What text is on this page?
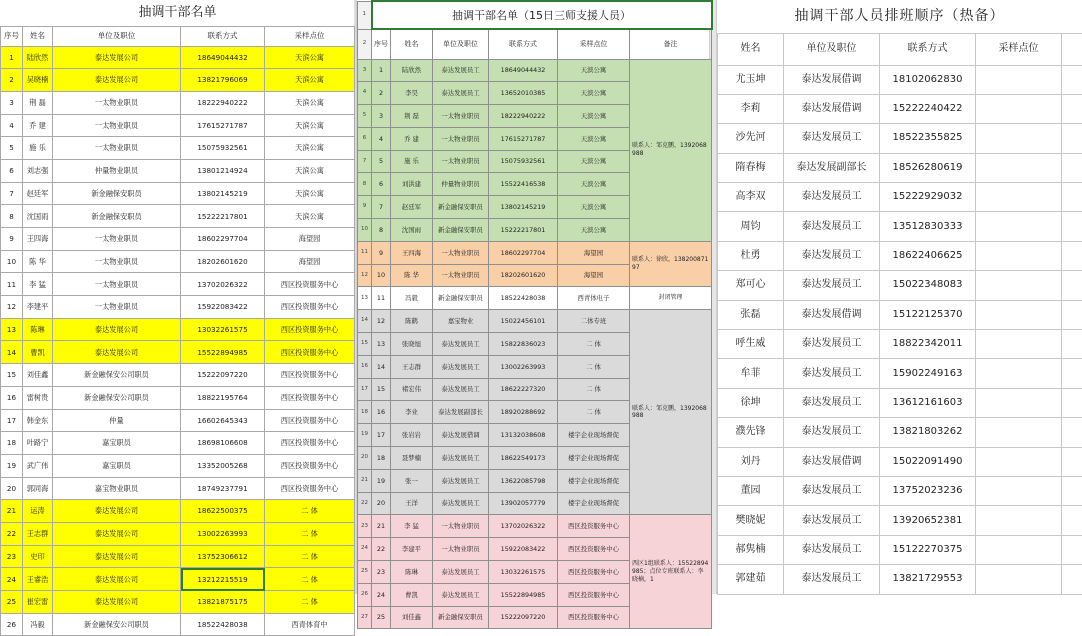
抽调干部名单				
序号	姓名	单位及职位	联系方式	采样点位
1	陆欣然	泰达发展公司	18649044432	天滨公寓
2	吴晓楠	泰达发展公司	13821796069	天滨公寓
3	荆 磊	一太物业职员	18222940222	天滨公寓
4	乔 建	一太物业职员	17615271787	天滨公寓
5	施 乐	一太物业职员	15075932561	天滨公寓
6	刘志强	仲量物业职员	13801214924	天滨公寓
7	赵廷军	新金融保安职员	13802145219	天滨公寓
8	沈国雨	新金融保安职员	15222217801	天滨公寓
9	王四海	一太物业职员	18602297704	海望园
10	陈 华	一太物业职员	18202601620	海望园
11	李 猛	一太物业职员	13702026322	西区投资服务中心
12	李建平	一太物业职员	15922083422	西区投资服务中心
13	陈琳	泰达发展公司	13032261575	西区投资服务中心
14	曹凯	泰达发展公司	15522894985	西区投资服务中心
15	刘佳鑫	新金融保安公司职员	15222097220	西区投资服务中心
16	雷树贵	新金融保安公司职员	18822195764	西区投资服务中心
17	韩金东	仲量	16602645343	西区投资服务中心
18	叶路宁	嘉宝职员	18698106608	西区投资服务中心
19	武广伟	嘉宝职员	13352005268	西区投资服务中心
20	郭同海	嘉宝物业职员	18749237791	西区投资服务中心
21	运涛	泰达发展公司	18622500375	二 体
22	王志群	泰达发展公司	13002263993	二 体
23	史印	泰达发展公司	13752306612	二 体
24	王睿浩	泰达发展公司	13212215519	二 体
25	崔宏雷	泰达发展公司	13821875175	二 体
26	冯毅	新金融保安公司职员	18522428038	西青体育中
1	抽调干部名单（15日三师支援人员）					
2	序号	姓名	单位及职位	联系方式	采样点位	备注
3	1	陆欣然	泰达发展员工	18649044432	天滨公寓	联系人：邹克鹏，1392068988
4	2	李昊	泰达发展员工	13652010385	天滨公寓	
5	3	荆 磊	一太物业职员	18222940222	天滨公寓	
6	4	乔 建	一太物业职员	17615271787	天滨公寓	
7	5	施 乐	一太物业职员	15075932561	天滨公寓	
8	6	刘洪建	仲量物业职员	15522416538	天滨公寓	
9	7	赵廷军	新金融保安职员	13802145219	天滨公寓	
10	8	沈国雨	新金融保安职员	15222217801	天滨公寓	
11	9	王四海	一太物业职员	18602297704	海望园	联系人：徐欣，13820087197
12	10	陈 华	一太物业职员	18202601620	海望园	
13	11	冯毅	新金融保安职员	18522428038	西青体电子	封闭管理
14	12	陈鹤	嘉宝物业	15022456101	二体专班	联系人：邹克鹏，1392068988
15	13	张晓旭	泰达发展员工	15822836023	二 体	
16	14	王志群	泰达发展员工	13002263993	二 体	
17	15	褚宏伟	泰达发展员工	18622227320	二 体	
18	16	李业	泰达发展副部长	18920288692	二 体	
19	17	张岩岩	泰达发展借调	13132038608	楼宇企业现场督促	
20	18	聂梦楠	泰达发展员工	18622549173	楼宇企业现场督促	
21	19	张一	泰达发展员工	13622085798	楼宇企业现场督促	
22	20	王洋	泰达发展员工	13902057779	楼宇企业现场督促	
23	21	李 猛	一太物业职员	13702026322	西区投资服务中心	西区1组联系人：15522894985；点位专班联系人：李晓楠，1
24	22	李建平	一太物业职员	15922083422	西区投资服务中心	
25	23	陈琳	泰达发展员工	13032261575	西区投资服务中心	
26	24	曹凯	泰达发展员工	15522894985	西区投资服务中心	
27	25	刘佳鑫	新金融保安职员	15222097220	西区投资服务中心	
抽调干部人员排班顺序（热备）				
姓名	单位及职位	联系方式	采样点位	
尤玉坤	泰达发展借调	18102062830		
李莉	泰达发展借调	15222240422		
沙先河	泰达发展员工	18522355825		
隋春梅	泰达发展副部长	18526280619		
高李双	泰达发展员工	15222929032		
周钧	泰达发展员工	13512830333		
杜勇	泰达发展员工	18622406625		
郑可心	泰达发展员工	15022348083		
张磊	泰达发展借调	15122125370		
呼生威	泰达发展员工	18822342011		
牟菲	泰达发展员工	15902249163		
徐坤	泰达发展员工	13612161603		
濮先锋	泰达发展员工	13821803262		
刘丹	泰达发展借调	15022091490		
董园	泰达发展员工	13752023236		
樊晓妮	泰达发展员工	13920652381		
郝隽楠	泰达发展员工	15122270375		
郭建茹	泰达发展员工	13821729553		
